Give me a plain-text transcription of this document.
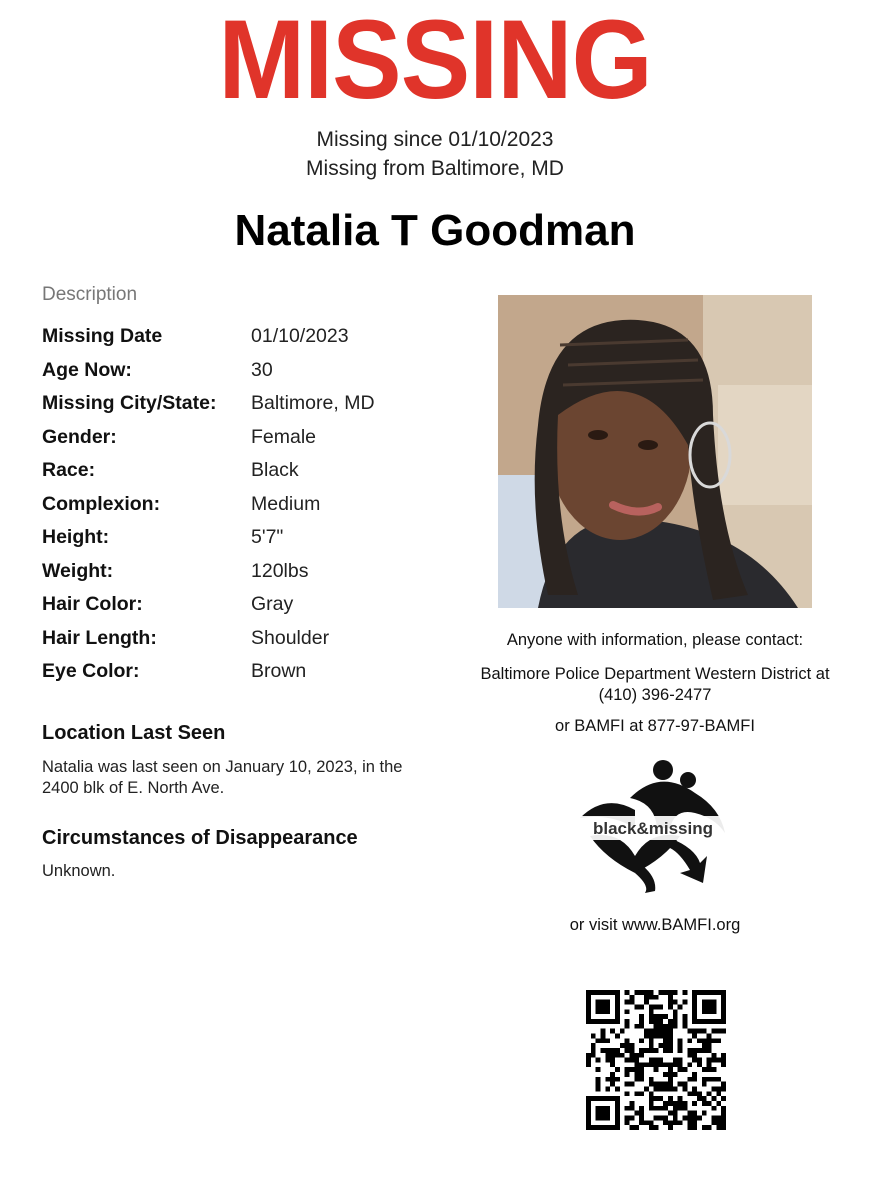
MISSING
Missing since 01/10/2023
Missing from Baltimore, MD
Natalia T Goodman
Description
Missing Date	01/10/2023
Age Now:	30
Missing City/State:	Baltimore, MD
Gender:	Female
Race:	Black
Complexion:	Medium
Height:	5'7"
Weight:	120lbs
Hair Color:	Gray
Hair Length:	Shoulder
Eye Color:	Brown
Location Last Seen
Natalia was last seen on January 10, 2023, in the 2400 blk of E. North Ave.
Circumstances of Disappearance
Unknown.
Anyone with information, please contact:
Baltimore Police Department Western District at
(410) 396-2477
or BAMFI at 877-97-BAMFI
black&missing
or visit www.BAMFI.org
